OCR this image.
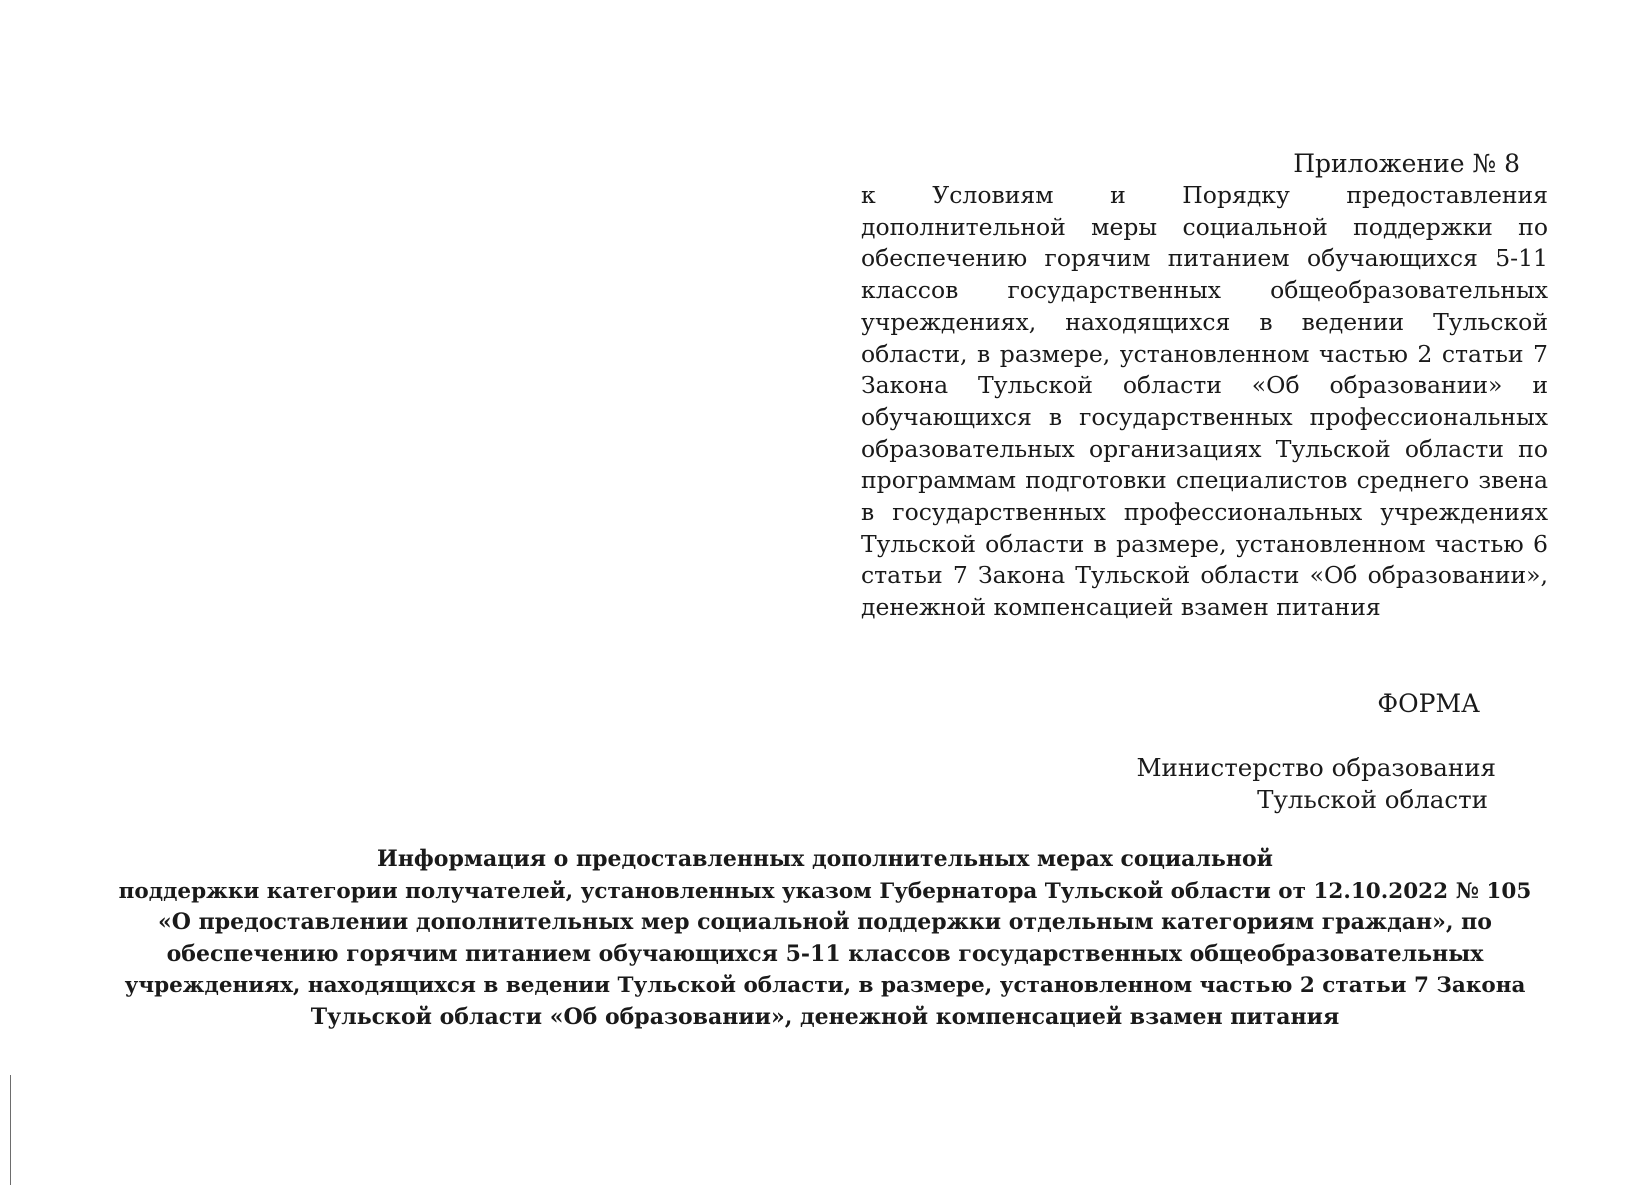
Приложение № 8

к Условиям и Порядку предоставления дополнительной меры социальной поддержки по обеспечению горячим питанием обучающихся 5-11 классов государственных общеобразовательных учреждениях, находящихся в ведении Тульской области, в размере, установленном частью 2 статьи 7 Закона Тульской области «Об образовании» и обучающихся в государственных профессиональных образовательных организациях Тульской области по программам подготовки специалистов среднего звена в государственных профессиональных учреждениях Тульской области в размере, установленном частью 6 статьи 7 Закона Тульской области «Об образовании», денежной компенсацией взамен питания

ФОРМА
Министерство образования
Тульской области
Информация о предоставленных дополнительных мерах социальной
поддержки категории получателей, установленных указом Губернатора Тульской области от 12.10.2022 № 105
«О предоставлении дополнительных мер социальной поддержки отдельным категориям граждан», по
обеспечению горячим питанием обучающихся 5-11 классов государственных общеобразовательных
учреждениях, находящихся в ведении Тульской области, в размере, установленном частью 2 статьи 7 Закона
Тульской области «Об образовании», денежной компенсацией взамен питания
